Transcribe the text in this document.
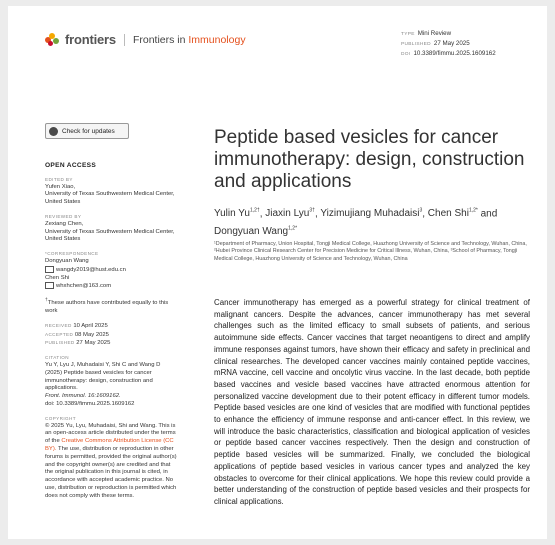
frontiers	Frontiers in Immunology	TYPE Mini Review
PUBLISHED 27 May 2025
DOI 10.3389/fimmu.2025.1609162
Check for updates
OPEN ACCESS
EDITED BY
Yufen Xiao,
University of Texas Southwestern Medical Center, United States
REVIEWED BY
Zexiang Chen,
University of Texas Southwestern Medical Center, United States
*CORRESPONDENCE
Dongyuan Wang
wangdy2019@hust.edu.cn
Chen Shi
whxhchen@163.com
†These authors have contributed equally to this work
RECEIVED 10 April 2025
ACCEPTED 08 May 2025
PUBLISHED 27 May 2025
CITATION
Yu Y, Lyu J, Muhadaisi Y, Shi C and Wang D (2025) Peptide based vesicles for cancer immunotherapy: design, construction and applications.
Front. Immunol. 16:1609162.
doi: 10.3389/fimmu.2025.1609162
COPYRIGHT
© 2025 Yu, Lyu, Muhadaisi, Shi and Wang. This is an open-access article distributed under the terms of the Creative Commons Attribution License (CC BY). The use, distribution or reproduction in other forums is permitted, provided the original author(s) and the copyright owner(s) are credited and that the original publication in this journal is cited, in accordance with accepted academic practice. No use, distribution or reproduction is permitted which does not comply with these terms.
Peptide based vesicles for cancer immunotherapy: design, construction and applications
Yulin $Yu^{1,2\dagger}$, Jiaxin Lyu$^{3\dagger}$, Yizimujiang Muhadaisi$^3$, Chen Shi$^{1,2*}$ and Dongyuan Wang$^{1,2*}$
¹Department of Pharmacy, Union Hospital, Tongji Medical College, Huazhong University of Science and Technology, Wuhan, China, ²Hubei Province Clinical Research Center for Precision Medicine for Critical Illness, Wuhan, China, ³School of Pharmacy, Tongji Medical College, Huazhong University of Science and Technology, Wuhan, China
Cancer immunotherapy has emerged as a powerful strategy for clinical treatment of malignant cancers. Despite the advances, cancer immunotherapy has met several challenges such as the limited efficacy to small subsets of patients, and serious autoimmune side effects. Cancer vaccines that target neoantigens to direct and amplify immune responses against tumors, have shown their efficacy and safety in preclinical and clinical researches. The developed cancer vaccines mainly contained peptide vaccines, mRNA vaccine, cell vaccine and oncolytic virus vaccine. In the last decade, both peptide based vaccines and vesicle based vaccines have attracted enormous attention for personalized vaccine development due to their potent efficacy in different tumor models. Peptide based vesicles are one kind of vesicles that are modified with functional peptides to enhance the efficiency of immune response and anti-cancer effect. In this review, we will introduce the basic characteristics, classification and biological application of vesicles or peptide based cancer vaccines respectively. Then the design and construction of peptide based vesicles will be summarized. Finally, we concluded the biological applications of peptide based vesicles in various cancer types and analyzed the key obstacles to overcome for their clinical applications. We hope this review could provide a better understanding of the construction of peptide based vesicles and their prospects for clinical applications.
